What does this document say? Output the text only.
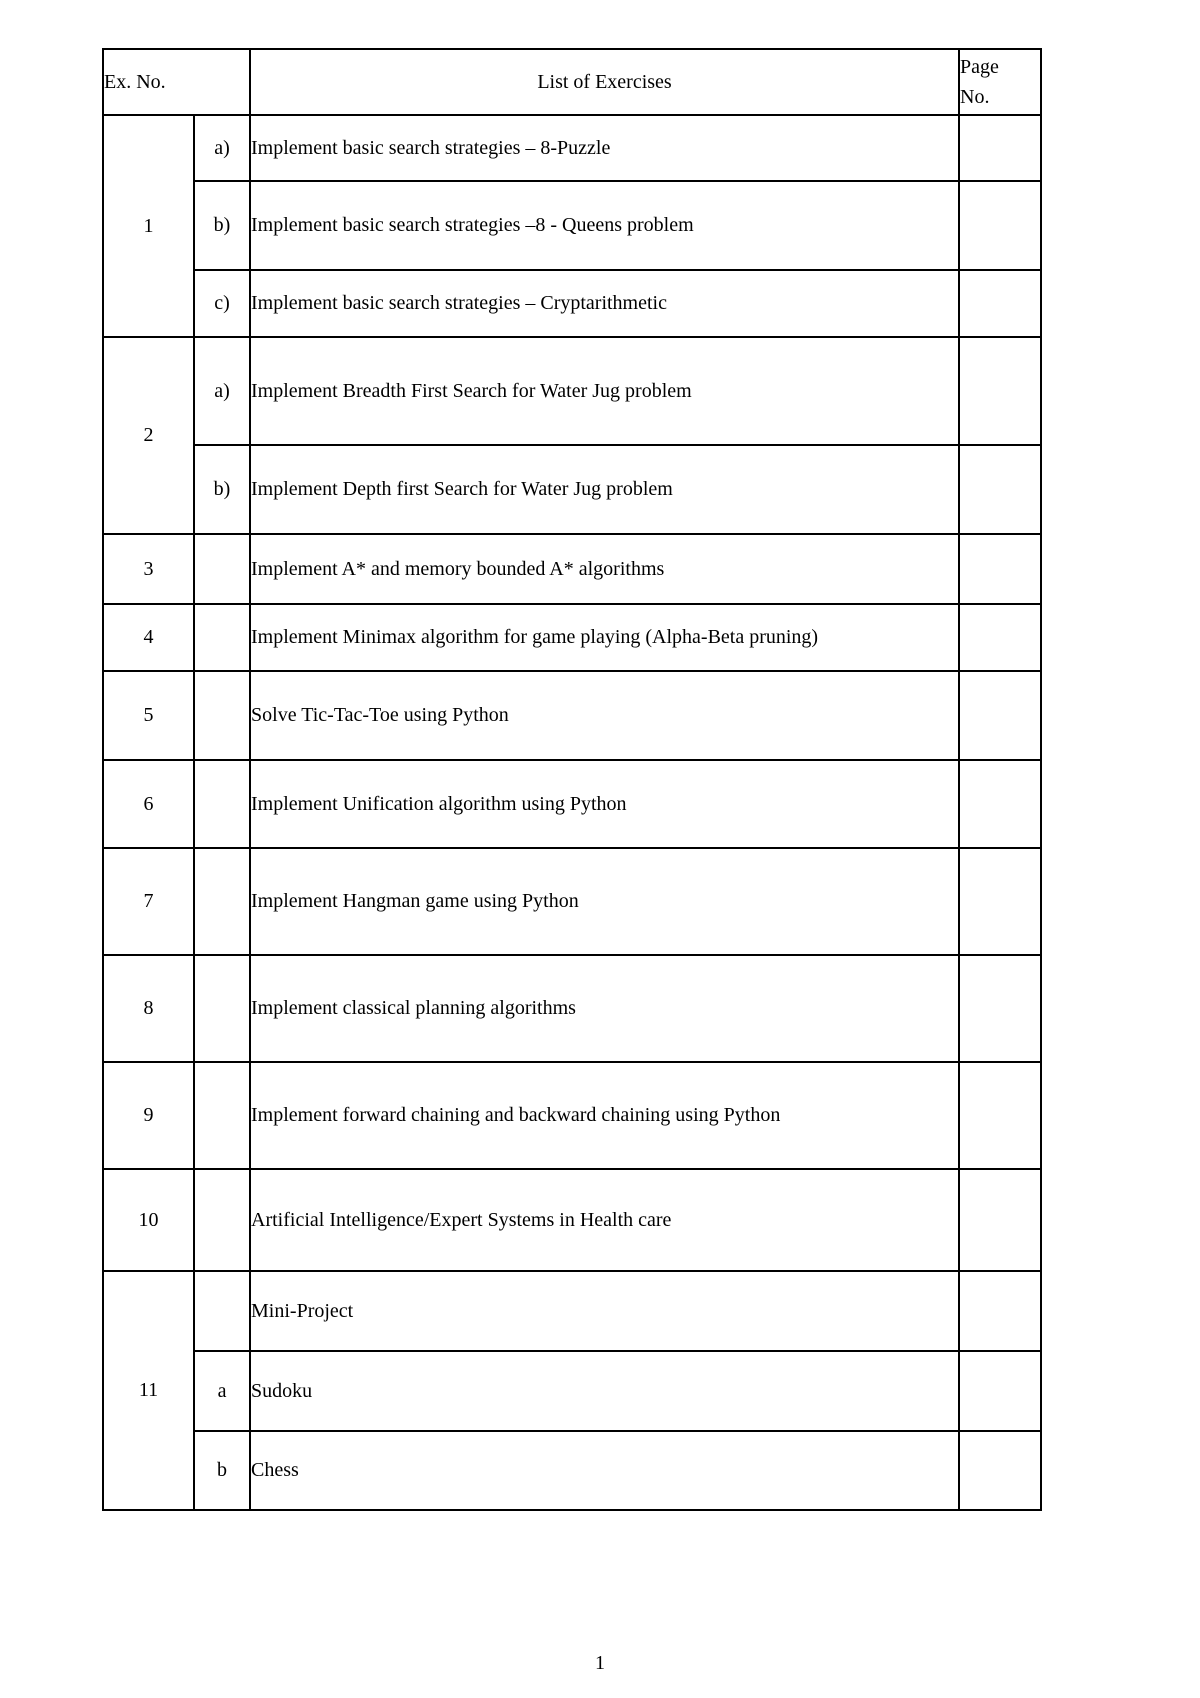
Ex. No.		List of Exercises	Page
No.
1	a)	Implement basic search strategies – 8-Puzzle	
	b)	Implement basic search strategies –8 - Queens problem	
	c)	Implement basic search strategies – Cryptarithmetic	
2	a)	Implement Breadth First Search for Water Jug problem	
	b)	Implement Depth first Search for Water Jug problem	
3		Implement A* and memory bounded A* algorithms	
4		Implement Minimax algorithm for game playing (Alpha-Beta pruning)	
5		Solve Tic-Tac-Toe using Python	
6		Implement Unification algorithm using Python	
7		Implement Hangman game using Python	
8		Implement classical planning algorithms	
9		Implement forward chaining and backward chaining using Python	
10		Artificial Intelligence/Expert Systems in Health care	
11		Mini-Project	
	a	Sudoku	
	b	Chess	
1
